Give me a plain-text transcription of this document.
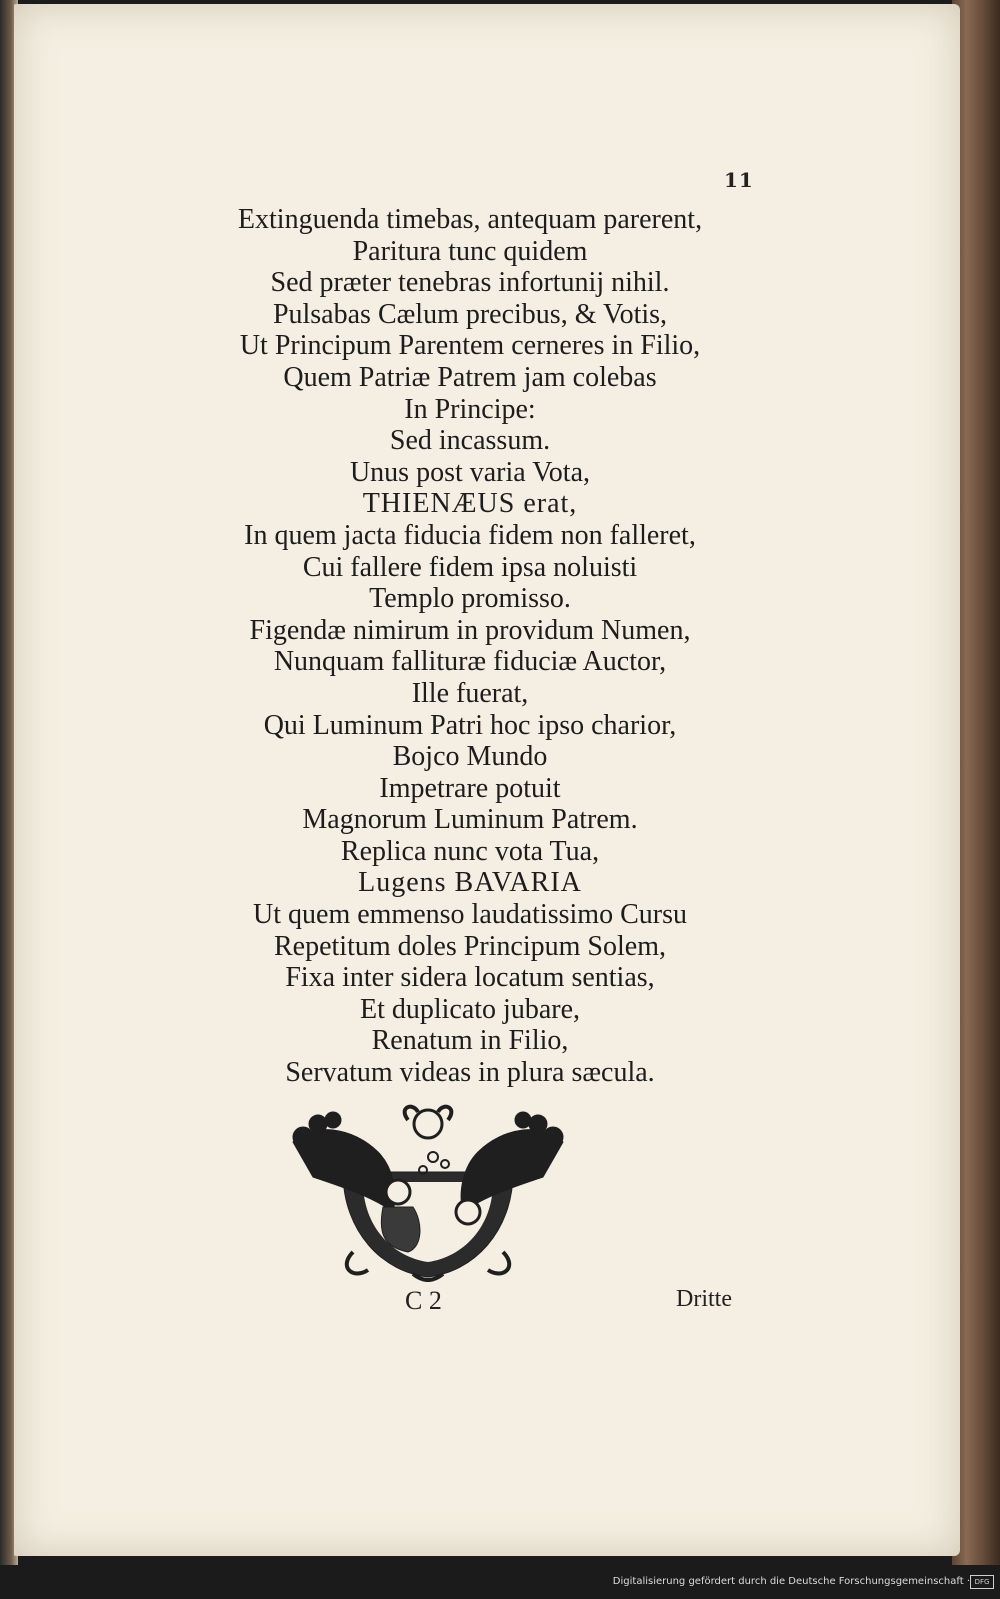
11
Extinguenda timebas, antequam parerent,
Paritura tunc quidem
Sed præter tenebras infortunij nihil.
Pulsabas Cælum precibus, & Votis,
Ut Principum Parentem cerneres in Filio,
Quem Patriæ Patrem jam colebas
In Principe:
Sed incassum.
Unus post varia Vota,
THIENÆUS erat,
In quem jacta fiducia fidem non falleret,
Cui fallere fidem ipsa noluisti
Templo promisso.
Figendæ nimirum in providum Numen,
Nunquam fallituræ fiduciæ Auctor,
Ille fuerat,
Qui Luminum Patri hoc ipso charior,
Bojco Mundo
Impetrare potuit
Magnorum Luminum Patrem.
Replica nunc vota Tua,
Lugens BAVARIA
Ut quem emmenso laudatissimo Cursu
Repetitum doles Principum Solem,
Fixa inter sidera locatum sentias,
Et duplicato jubare,
Renatum in Filio,
Servatum videas in plura sæcula.
C 2	Dritte
Digitalisierung gefördert durch die Deutsche Forschungsgemeinschaft · DFG
